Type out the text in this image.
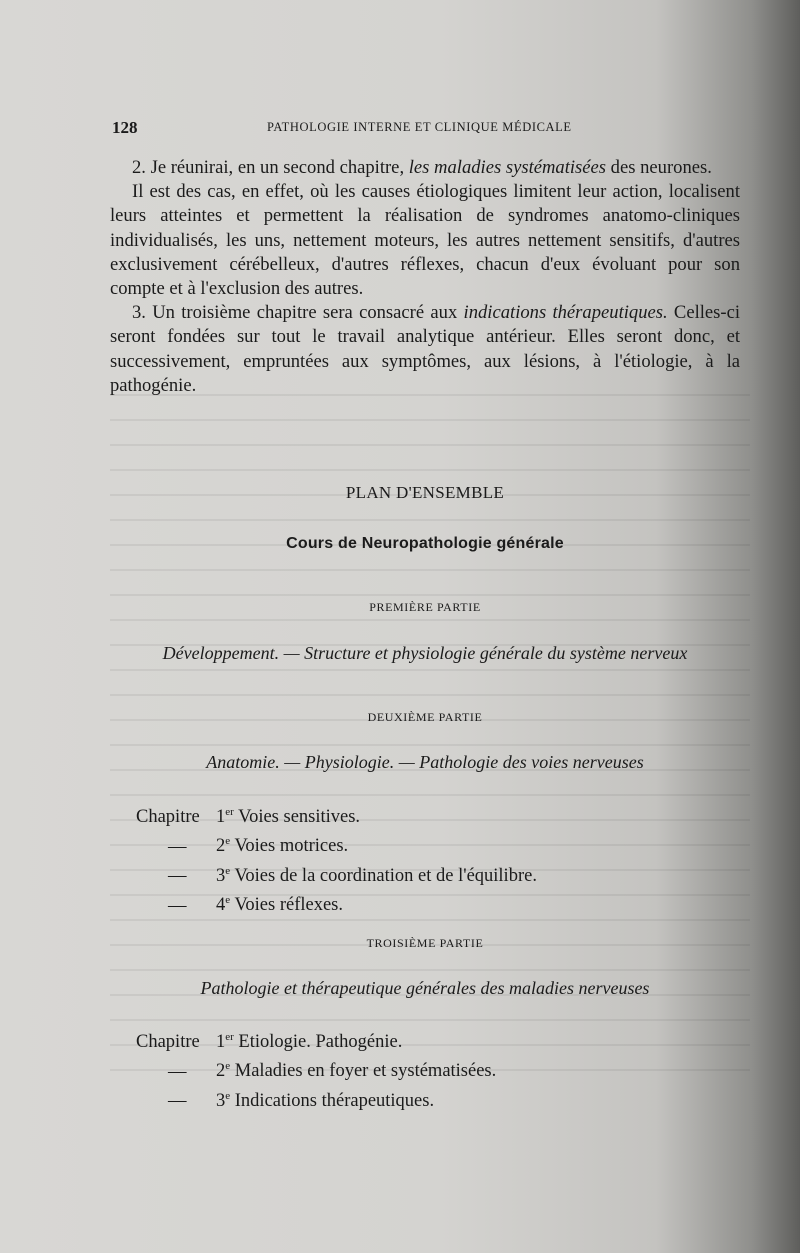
128	PATHOLOGIE INTERNE ET CLINIQUE MÉDICALE

2. Je réunirai, en un second chapitre, les maladies systématisées des neurones.

Il est des cas, en effet, où les causes étiologiques limitent leur action, localisent leurs atteintes et permettent la réalisation de syndromes anatomo-cliniques individualisés, les uns, nettement moteurs, les autres nettement sensitifs, d'autres exclusivement cérébelleux, d'autres réflexes, chacun d'eux évoluant pour son compte et à l'exclusion des autres.

3. Un troisième chapitre sera consacré aux indications thérapeutiques. Celles-ci seront fondées sur tout le travail analytique antérieur. Elles seront donc, et successivement, empruntées aux symptômes, aux lésions, à l'étiologie, à la pathogénie.

PLAN D'ENSEMBLE
Cours de Neuropathologie générale
PREMIÈRE PARTIE
Développement. — Structure et physiologie générale du système nerveux
DEUXIÈME PARTIE
Anatomie. — Physiologie. — Pathologie des voies nerveuses
Chapitre 1er Voies sensitives.
— 2e Voies motrices.
— 3e Voies de la coordination et de l'équilibre.
— 4e Voies réflexes.
TROISIÈME PARTIE
Pathologie et thérapeutique générales des maladies nerveuses
Chapitre 1er Etiologie. Pathogénie.
— 2e Maladies en foyer et systématisées.
— 3e Indications thérapeutiques.
